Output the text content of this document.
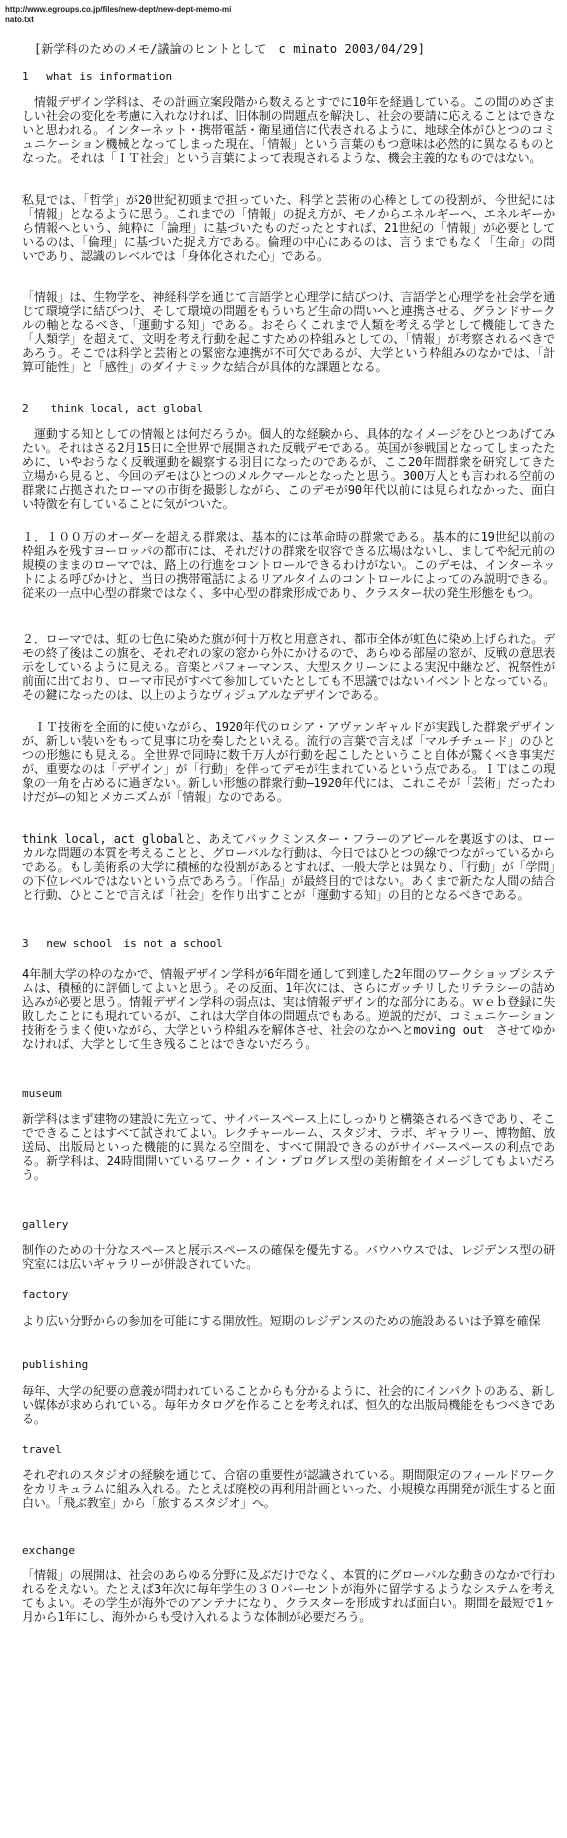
http://www.egroups.co.jp/files/new-dept/new-dept-memo-minato.txt
[新学科のためのメモ/議論のヒントとして　c minato 2003/04/29]
1　 what is information
情報デザイン学科は、その計画立案段階から数えるとすでに10年を経過している。この間のめざましい社会の変化を考慮に入れなければ、旧体制の問題点を解決し、社会の要請に応えることはできないと思われる。インターネット・携帯電話・衛星通信に代表されるように、地球全体がひとつのコミュニケーション機械となってしまった現在、「情報」という言葉のもつ意味は必然的に異なるものとなった。それは「ＩＴ社会」という言葉によって表現されるような、機会主義的なものではない。
私見では、「哲学」が20世紀初頭まで担っていた、科学と芸術の心棒としての役割が、今世紀には「情報」となるように思う。これまでの「情報」の捉え方が、モノからエネルギーへ、エネルギーから情報へという、純粋に「論理」に基づいたものだったとすれば、21世紀の「情報」が必要としているのは、「倫理」に基づいた捉え方である。倫理の中心にあるのは、言うまでもなく「生命」の問いであり、認識のレベルでは「身体化された心」である。
「情報」は、生物学を、神経科学を通じて言語学と心理学に結びつけ、言語学と心理学を社会学を通じて環境学に結びつけ、そして環境の問題をもういちど生命の問いへと連携させる、グランドサークルの軸となるべき、「運動する知」である。おそらくこれまで人類を考える学として機能してきた「人類学」を超えて、文明を考え行動を起こすための枠組みとしての、「情報」が考察されるべきであろう。そこでは科学と芸術との緊密な連携が不可欠であるが、大学という枠組みのなかでは、「計算可能性」と「感性」のダイナミックな結合が具体的な課題となる。
2　　think local, act global
運動する知としての情報とは何だろうか。個人的な経験から、具体的なイメージをひとつあげてみたい。それはさる2月15日に全世界で展開された反戦デモである。英国が参戦国となってしまったために、いやおうなく反戦運動を観察する羽目になったのであるが、ここ20年間群衆を研究してきた立場から見ると、今回のデモはひとつのメルクマールとなったと思う。300万人とも言われる空前の群衆に占拠されたローマの市街を撮影しながら、このデモが90年代以前には見られなかった、面白い特徴を有していることに気がついた。
１．１００万のオーダーを超える群衆は、基本的には革命時の群衆である。基本的に19世紀以前の枠組みを残すヨーロッパの都市には、それだけの群衆を収容できる広場はないし、ましてや紀元前の規模のままのローマでは、路上の行進をコントロールできるわけがない。このデモは、インターネットによる呼びかけと、当日の携帯電話によるリアルタイムのコントロールによってのみ説明できる。従来の一点中心型の群衆ではなく、多中心型の群衆形成であり、クラスター状の発生形態をもつ。
２．ローマでは、虹の七色に染めた旗が何十万枚と用意され、都市全体が虹色に染め上げられた。デモの終了後はこの旗を、それぞれの家の窓から外にかけるので、あらゆる部屋の窓が、反戦の意思表示をしているように見える。音楽とパフォーマンス、大型スクリーンによる実況中継など、祝祭性が前面に出ており、ローマ市民がすべて参加していたとしても不思議ではないイベントとなっている。その鍵になったのは、以上のようなヴィジュアルなデザインである。
ＩＴ技術を全面的に使いながら、1920年代のロシア・アヴァンギャルドが実践した群衆デザインが、新しい装いをもって見事に功を奏したといえる。流行の言葉で言えば「マルチチュード」のひとつの形態にも見える。全世界で同時に数千万人が行動を起こしたということ自体が驚くべき事実だが、重要なのは「デザイン」が「行動」を伴ってデモが生まれているという点である。ＩＴはこの現象の一角を占めるに過ぎない。新しい形態の群衆行動―1920年代には、これこそが「芸術」だったわけだが―の知とメカニズムが「情報」なのである。
think local, act globalと、あえてバックミンスター・フラーのアピールを裏返すのは、ローカルな問題の本質を考えることと、グローバルな行動は、今日ではひとつの線でつながっているからである。もし美術系の大学に積極的な役割があるとすれば、一般大学とは異なり、「行動」が「学問」の下位レベルではないという点であろう。「作品」が最終目的ではない。あくまで新たな人間の結合と行動、ひとことで言えば「社会」を作り出すことが「運動する知」の目的となるべきである。
3　 new school　is not a school
4年制大学の枠のなかで、情報デザイン学科が6年間を通して到達した2年間のワークショップシステムは、積極的に評価してよいと思う。その反面、1年次には、さらにガッチリしたリテラシーの詰め込みが必要と思う。情報デザイン学科の弱点は、実は情報デザイン的な部分にある。ｗｅｂ登録に失敗したことにも現れているが、これは大学自体の問題点でもある。逆説的だが、コミュニケーション技術をうまく使いながら、大学という枠組みを解体させ、社会のなかへとmoving out　させてゆかなければ、大学として生き残ることはできないだろう。
museum
新学科はまず建物の建設に先立って、サイバースペース上にしっかりと構築されるべきであり、そこでできることはすべて試されてよい。レクチャールーム、スタジオ、ラボ、ギャラリー、博物館、放送局、出版局といった機能的に異なる空間を、すべて開設できるのがサイバースペースの利点である。新学科は、24時間開いているワーク・イン・プログレス型の美術館をイメージしてもよいだろう。
gallery
制作のための十分なスペースと展示スペースの確保を優先する。バウハウスでは、レジデンス型の研究室には広いギャラリーが併設されていた。
factory
より広い分野からの参加を可能にする開放性。短期のレジデンスのための施設あるいは予算を確保
publishing
毎年、大学の紀要の意義が問われていることからも分かるように、社会的にインパクトのある、新しい媒体が求められている。毎年カタログを作ることを考えれば、恒久的な出版局機能をもつべきである。
travel
それぞれのスタジオの経験を通じて、合宿の重要性が認識されている。期間限定のフィールドワークをカリキュラムに組み入れる。たとえば廃校の再利用計画といった、小規模な再開発が派生すると面白い。「飛ぶ教室」から「旅するスタジオ」へ。
exchange
「情報」の展開は、社会のあらゆる分野に及ぶだけでなく、本質的にグローバルな動きのなかで行われるをえない。たとえば3年次に毎年学生の３０パーセントが海外に留学するようなシステムを考えてもよい。その学生が海外でのアンテナになり、クラスターを形成すれば面白い。期間を最短で1ヶ月から1年にし、海外からも受け入れるような体制が必要だろう。
